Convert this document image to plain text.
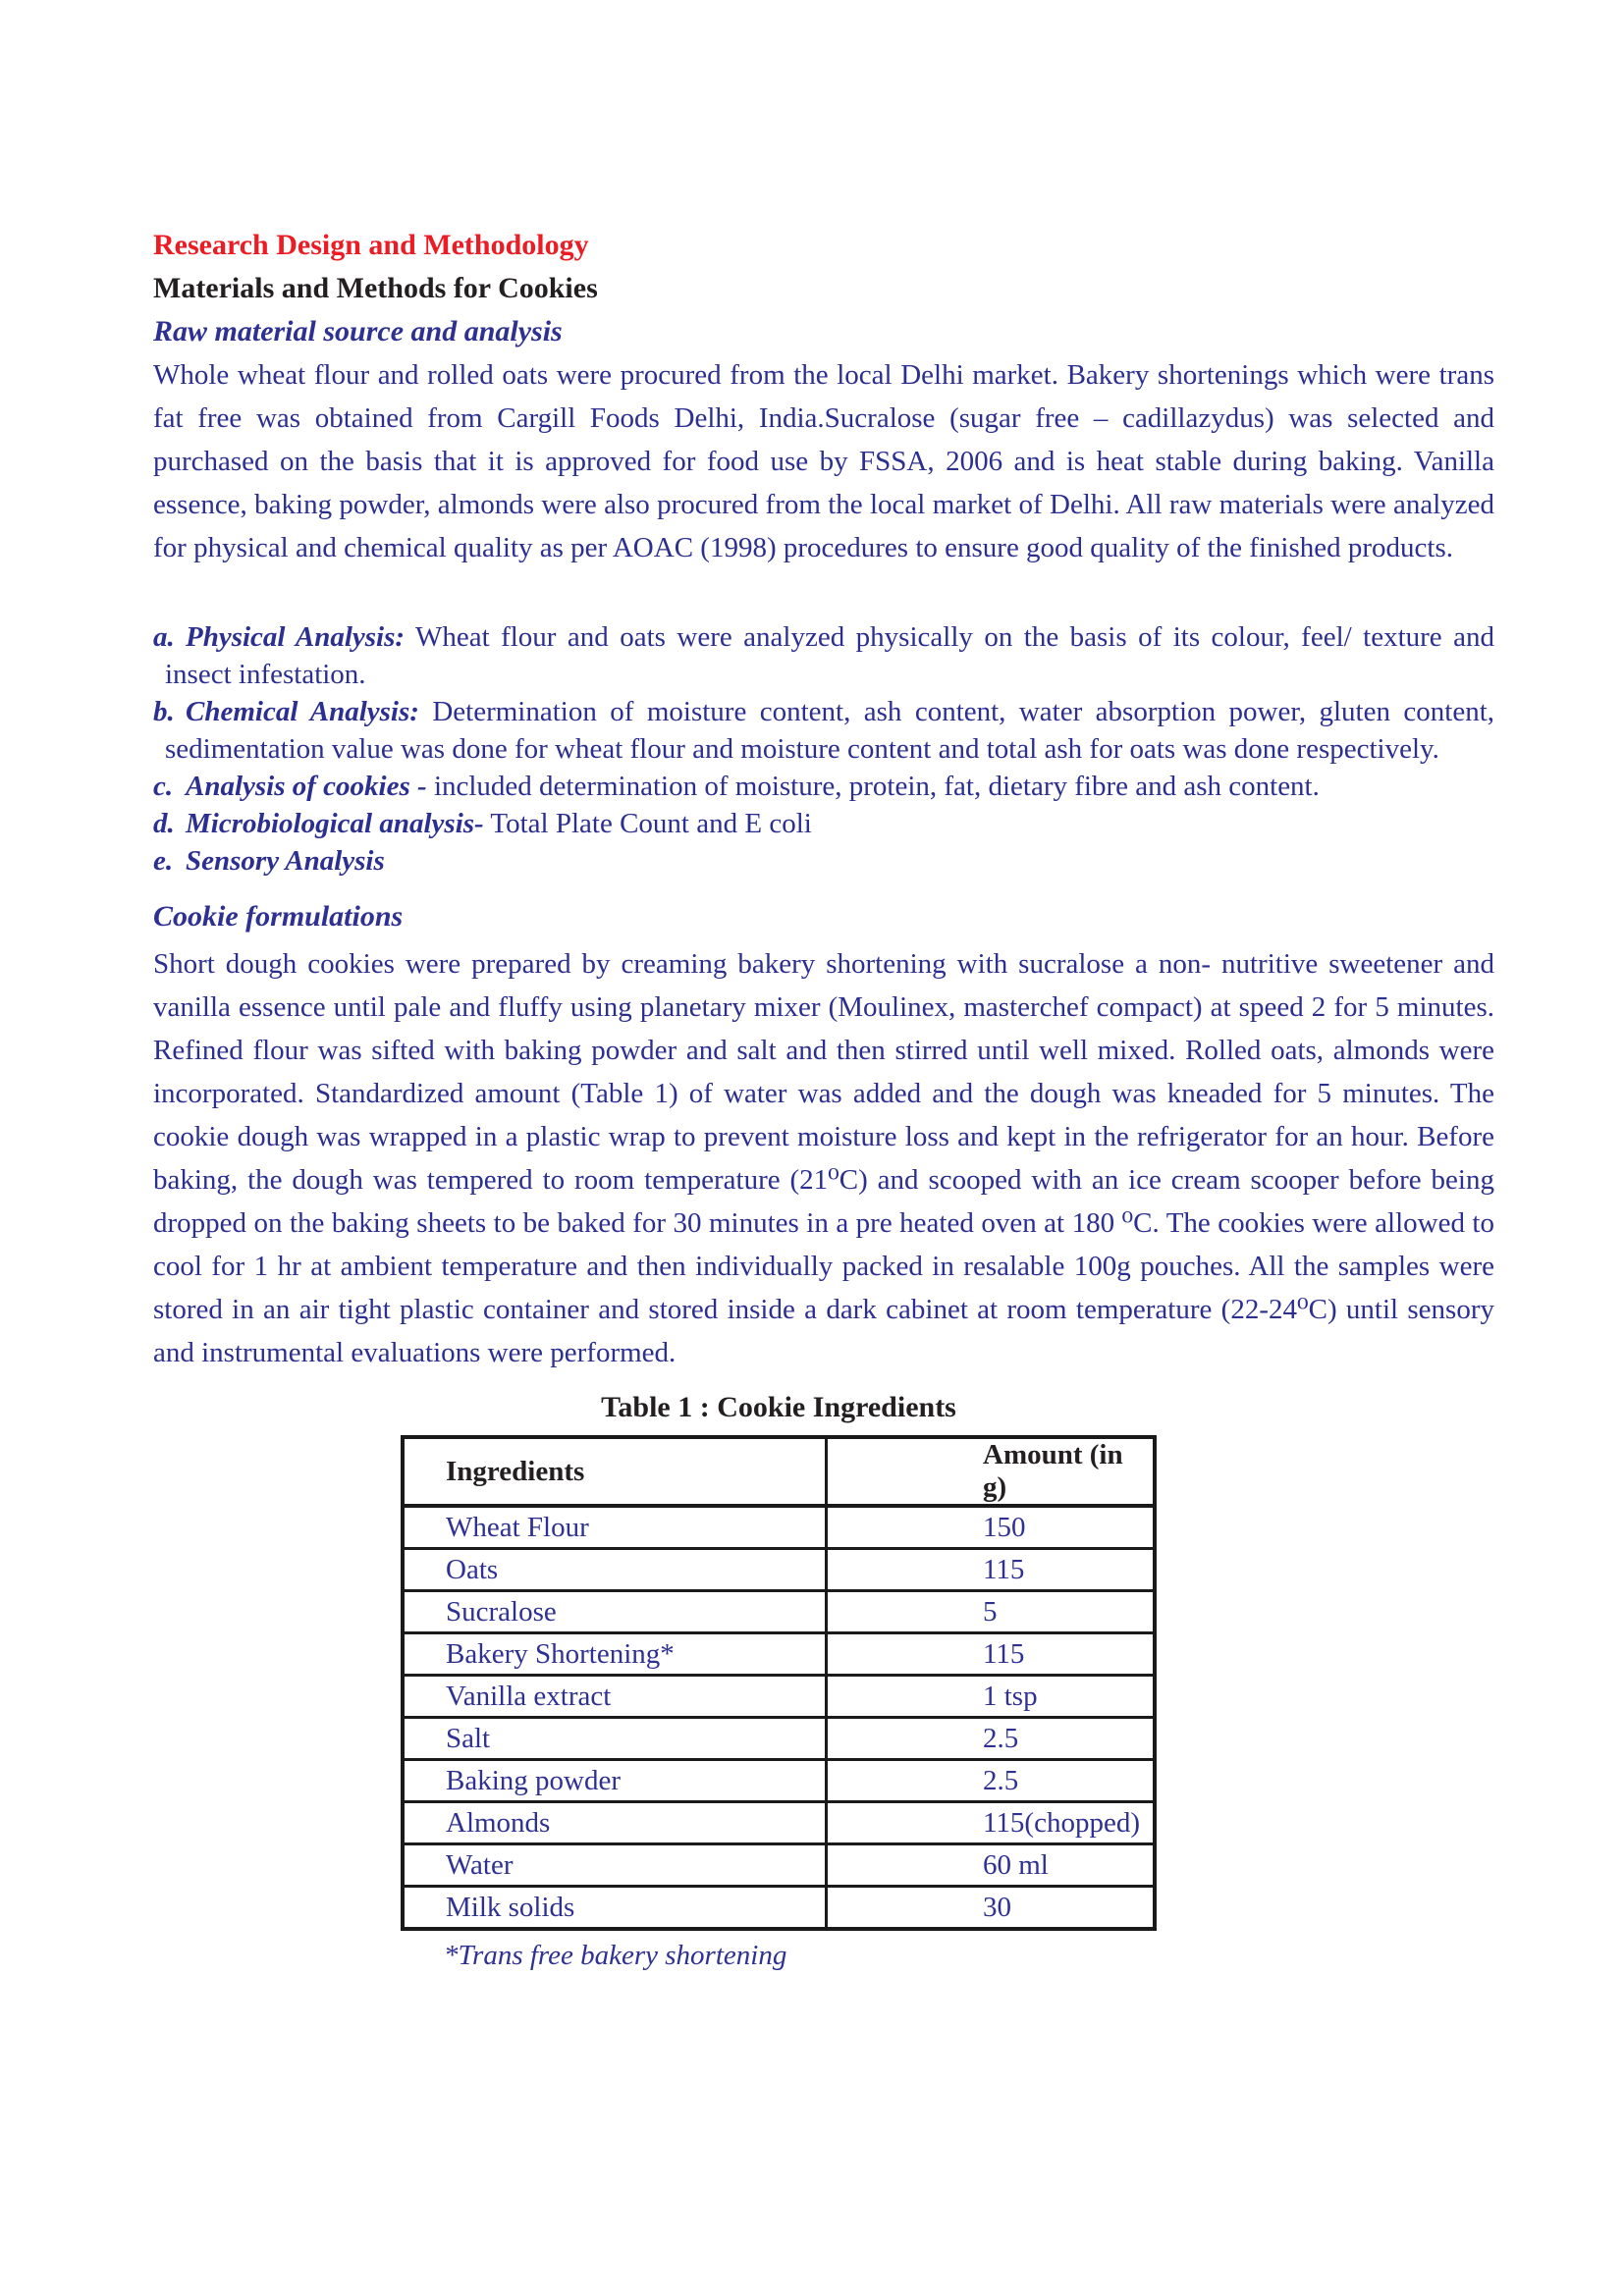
Research Design and Methodology
Materials and Methods for Cookies
Raw material source and analysis

Whole wheat flour and rolled oats were procured from the local Delhi market. Bakery shortenings which were trans fat free was obtained from Cargill Foods Delhi, India.Sucralose (sugar free – cadillazydus) was selected and purchased on the basis that it is approved for food use by FSSA, 2006 and is heat stable during baking. Vanilla essence, baking powder, almonds were also procured from the local market of Delhi. All raw materials were analyzed for physical and chemical quality as per AOAC (1998) procedures to ensure good quality of the finished products.

a. Physical Analysis: Wheat flour and oats were analyzed physically on the basis of its colour, feel/ texture and insect infestation.
b. Chemical Analysis: Determination of moisture content, ash content, water absorption power, gluten content, sedimentation value was done for wheat flour and moisture content and total ash for oats was done respectively.
c. Analysis of cookies - included determination of moisture, protein, fat, dietary fibre and ash content.
d. Microbiological analysis- Total Plate Count and E coli
e. Sensory Analysis
Cookie formulations

Short dough cookies were prepared by creaming bakery shortening with sucralose a non- nutritive sweetener and vanilla essence until pale and fluffy using planetary mixer (Moulinex, masterchef compact) at speed 2 for 5 minutes. Refined flour was sifted with baking powder and salt and then stirred until well mixed. Rolled oats, almonds were incorporated. Standardized amount (Table 1) of water was added and the dough was kneaded for 5 minutes. The cookie dough was wrapped in a plastic wrap to prevent moisture loss and kept in the refrigerator for an hour. Before baking, the dough was tempered to room temperature (21⁰C) and scooped with an ice cream scooper before being dropped on the baking sheets to be baked for 30 minutes in a pre heated oven at 180 ⁰C. The cookies were allowed to cool for 1 hr at ambient temperature and then individually packed in resalable 100g pouches. All the samples were stored in an air tight plastic container and stored inside a dark cabinet at room temperature (22-24⁰C) until sensory and instrumental evaluations were performed.

Table 1 : Cookie Ingredients
Ingredients	Amount (in g)
Wheat Flour	150
Oats	115
Sucralose	5
Bakery Shortening*	115
Vanilla extract	1 tsp
Salt	2.5
Baking powder	2.5
Almonds	115(chopped)
Water	60 ml
Milk solids	30
*Trans free bakery shortening
